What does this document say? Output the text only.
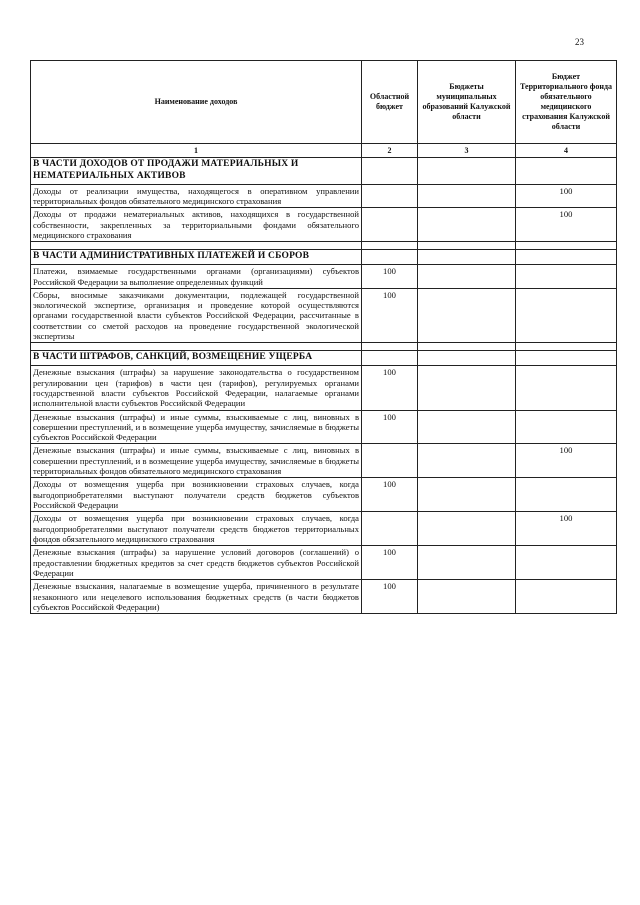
23
Наименование доходов	Областной бюджет	Бюджеты муниципальных образований Калужской области	Бюджет Территориального фонда обязательного медицинского страхования Калужской области
1	2	3	4
В ЧАСТИ ДОХОДОВ ОТ ПРОДАЖИ МАТЕРИАЛЬНЫХ И НЕМАТЕРИАЛЬНЫХ АКТИВОВ			
Доходы от реализации имущества, находящегося в оперативном управлении территориальных фондов обязательного медицинского страхования			100
Доходы от продажи нематериальных активов, находящихся в государственной собственности, закрепленных за территориальными фондами обязательного медицинского страхования			100

В ЧАСТИ АДМИНИСТРАТИВНЫХ ПЛАТЕЖЕЙ И СБОРОВ			
Платежи, взимаемые государственными органами (организациями) субъектов Российской Федерации за выполнение определенных функций	100		
Сборы, вносимые заказчиками документации, подлежащей государственной экологической экспертизе, организация и проведение которой осуществляются органами государственной власти субъектов Российской Федерации, рассчитанные в соответствии со сметой расходов на проведение государственной экологической экспертизы	100		

В ЧАСТИ ШТРАФОВ, САНКЦИЙ, ВОЗМЕЩЕНИЕ УЩЕРБА			
Денежные взыскания (штрафы) за нарушение законодательства о государственном регулировании цен (тарифов) в части цен (тарифов), регулируемых органами государственной власти субъектов Российской Федерации, налагаемые органами исполнительной власти субъектов Российской Федерации	100		
Денежные взыскания (штрафы) и иные суммы, взыскиваемые с лиц, виновных в совершении преступлений, и в возмещение ущерба имуществу, зачисляемые в бюджеты субъектов Российской Федерации	100		
Денежные взыскания (штрафы) и иные суммы, взыскиваемые с лиц, виновных в совершении преступлений, и в возмещение ущерба имуществу, зачисляемые в бюджеты территориальных фондов обязательного медицинского страхования			100
Доходы от возмещения ущерба при возникновении страховых случаев, когда выгодоприобретателями выступают получатели средств бюджетов субъектов Российской Федерации	100		
Доходы от возмещения ущерба при возникновении страховых случаев, когда выгодоприобретателями выступают получатели средств бюджетов территориальных фондов обязательного медицинского страхования			100
Денежные взыскания (штрафы) за нарушение условий договоров (соглашений) о предоставлении бюджетных кредитов за счет средств бюджетов субъектов Российской Федерации	100		
Денежные взыскания, налагаемые в возмещение ущерба, причиненного в результате незаконного или нецелевого использования бюджетных средств (в части бюджетов субъектов Российской Федерации)	100		
